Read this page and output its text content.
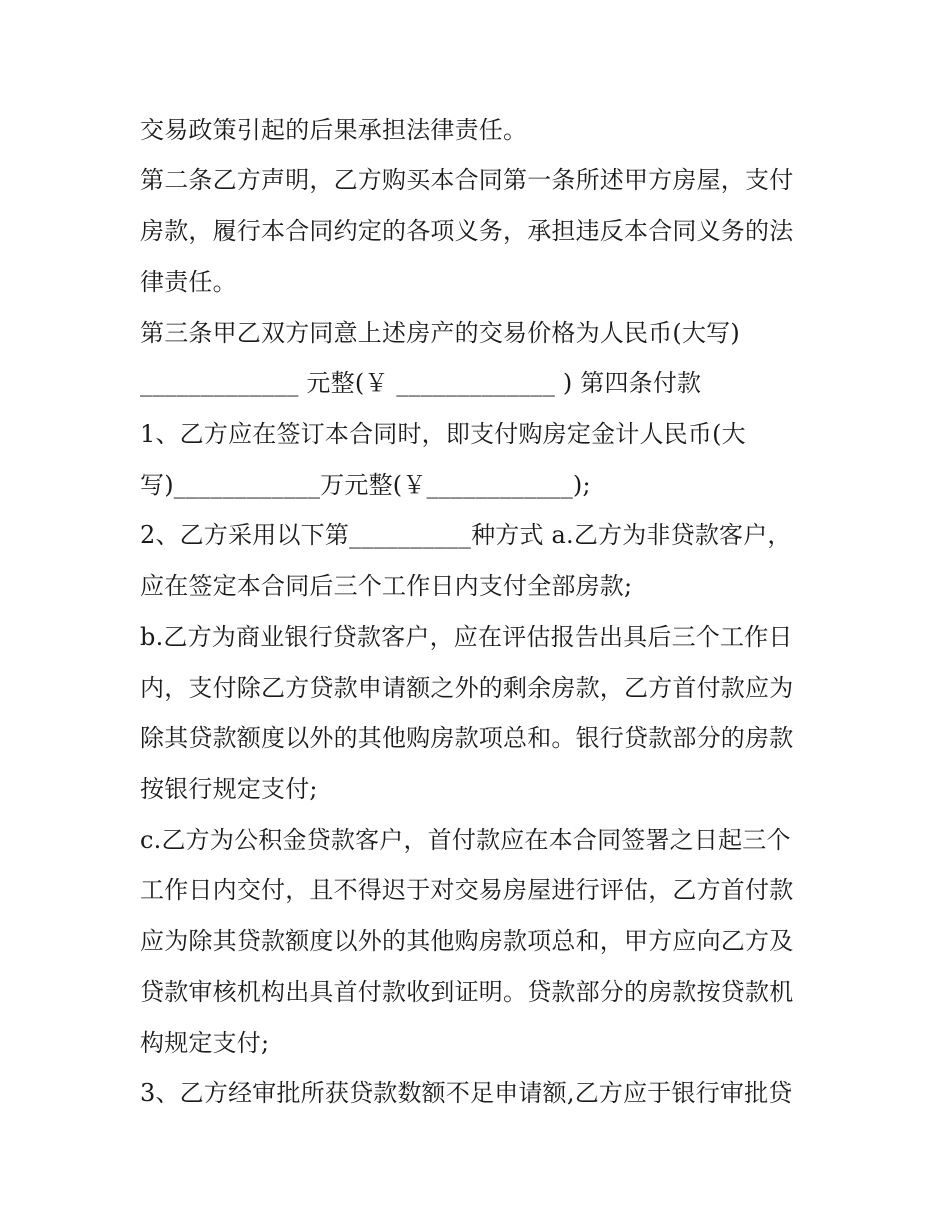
交易政策引起的后果承担法律责任。
第二条乙方声明，乙方购买本合同第一条所述甲方房屋，支付
房款，履行本合同约定的各项义务，承担违反本合同义务的法
律责任。
第三条甲乙双方同意上述房产的交易价格为人民币(大写)
_____________ 元整(￥ _____________ ) 第四条付款
1、乙方应在签订本合同时，即支付购房定金计人民币(大
写)____________万元整(￥____________);
2、乙方采用以下第__________种方式 a.乙方为非贷款客户，
应在签定本合同后三个工作日内支付全部房款;
b.乙方为商业银行贷款客户，应在评估报告出具后三个工作日
内，支付除乙方贷款申请额之外的剩余房款，乙方首付款应为
除其贷款额度以外的其他购房款项总和。银行贷款部分的房款
按银行规定支付;
c.乙方为公积金贷款客户，首付款应在本合同签署之日起三个
工作日内交付，且不得迟于对交易房屋进行评估，乙方首付款
应为除其贷款额度以外的其他购房款项总和，甲方应向乙方及
贷款审核机构出具首付款收到证明。贷款部分的房款按贷款机
构规定支付;
3、乙方经审批所获贷款数额不足申请额,乙方应于银行审批贷
